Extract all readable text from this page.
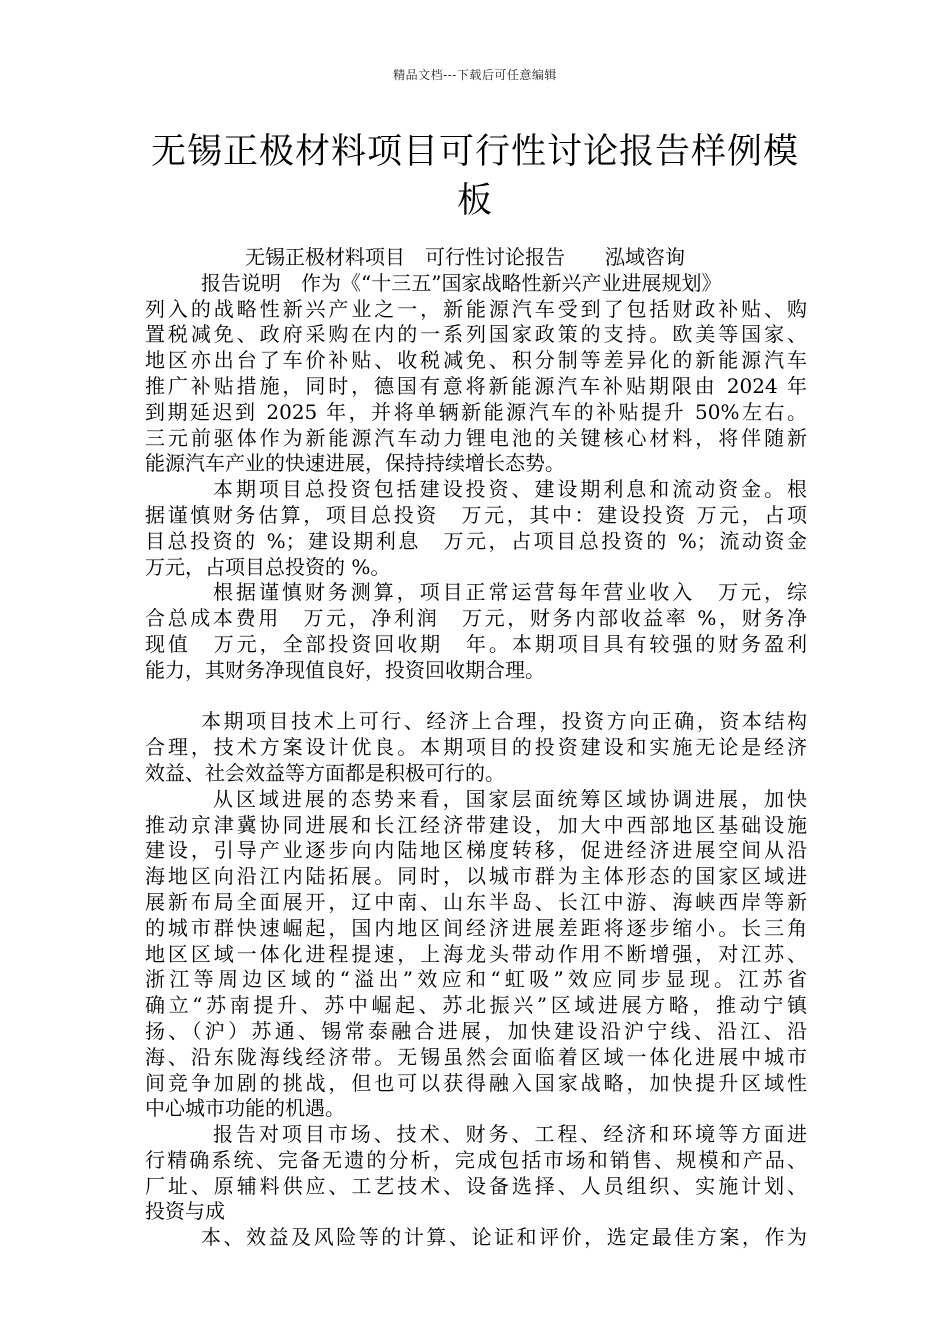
精品文档---下载后可任意编辑
无锡正极材料项目可行性讨论报告样例模
板
无锡正极材料项目　可行性讨论报告　　泓域咨询
报告说明　作为《“十三五”国家战略性新兴产业进展规划》
列入的战略性新兴产业之一，新能源汽车受到了包括财政补贴、购
置税减免、政府采购在内的一系列国家政策的支持。欧美等国家、
地区亦出台了车价补贴、收税减免、积分制等差异化的新能源汽车
推广补贴措施，同时，德国有意将新能源汽车补贴期限由 2024 年
到期延迟到 2025 年，并将单辆新能源汽车的补贴提升 50%左右。
三元前驱体作为新能源汽车动力锂电池的关键核心材料，将伴随新
能源汽车产业的快速进展，保持持续增长态势。
本期项目总投资包括建设投资、建设期利息和流动资金。根
据谨慎财务估算，项目总投资　万元，其中：建设投资 万元，占项
目总投资的 %；建设期利息　万元，占项目总投资的 %；流动资金
万元，占项目总投资的 %。
根据谨慎财务测算，项目正常运营每年营业收入　万元，综
合总成本费用　万元，净利润　万元，财务内部收益率 %，财务净
现值　万元，全部投资回收期　年。本期项目具有较强的财务盈利
能力，其财务净现值良好，投资回收期合理。
本期项目技术上可行、经济上合理，投资方向正确，资本结构
合理，技术方案设计优良。本期项目的投资建设和实施无论是经济
效益、社会效益等方面都是积极可行的。
从区域进展的态势来看，国家层面统筹区域协调进展，加快
推动京津冀协同进展和长江经济带建设，加大中西部地区基础设施
建设，引导产业逐步向内陆地区梯度转移，促进经济进展空间从沿
海地区向沿江内陆拓展。同时，以城市群为主体形态的国家区域进
展新布局全面展开，辽中南、山东半岛、长江中游、海峡西岸等新
的城市群快速崛起，国内地区间经济进展差距将逐步缩小。长三角
地区区域一体化进程提速，上海龙头带动作用不断增强，对江苏、
浙江等周边区域的“溢出”效应和“虹吸”效应同步显现。江苏省
确立“苏南提升、苏中崛起、苏北振兴”区域进展方略，推动宁镇
扬、（沪）苏通、锡常泰融合进展，加快建设沿沪宁线、沿江、沿
海、沿东陇海线经济带。无锡虽然会面临着区域一体化进展中城市
间竞争加剧的挑战，但也可以获得融入国家战略，加快提升区域性
中心城市功能的机遇。
报告对项目市场、技术、财务、工程、经济和环境等方面进
行精确系统、完备无遗的分析，完成包括市场和销售、规模和产品、
厂址、原辅料供应、工艺技术、设备选择、人员组织、实施计划、
投资与成
本、效益及风险等的计算、论证和评价，选定最佳方案，作为
